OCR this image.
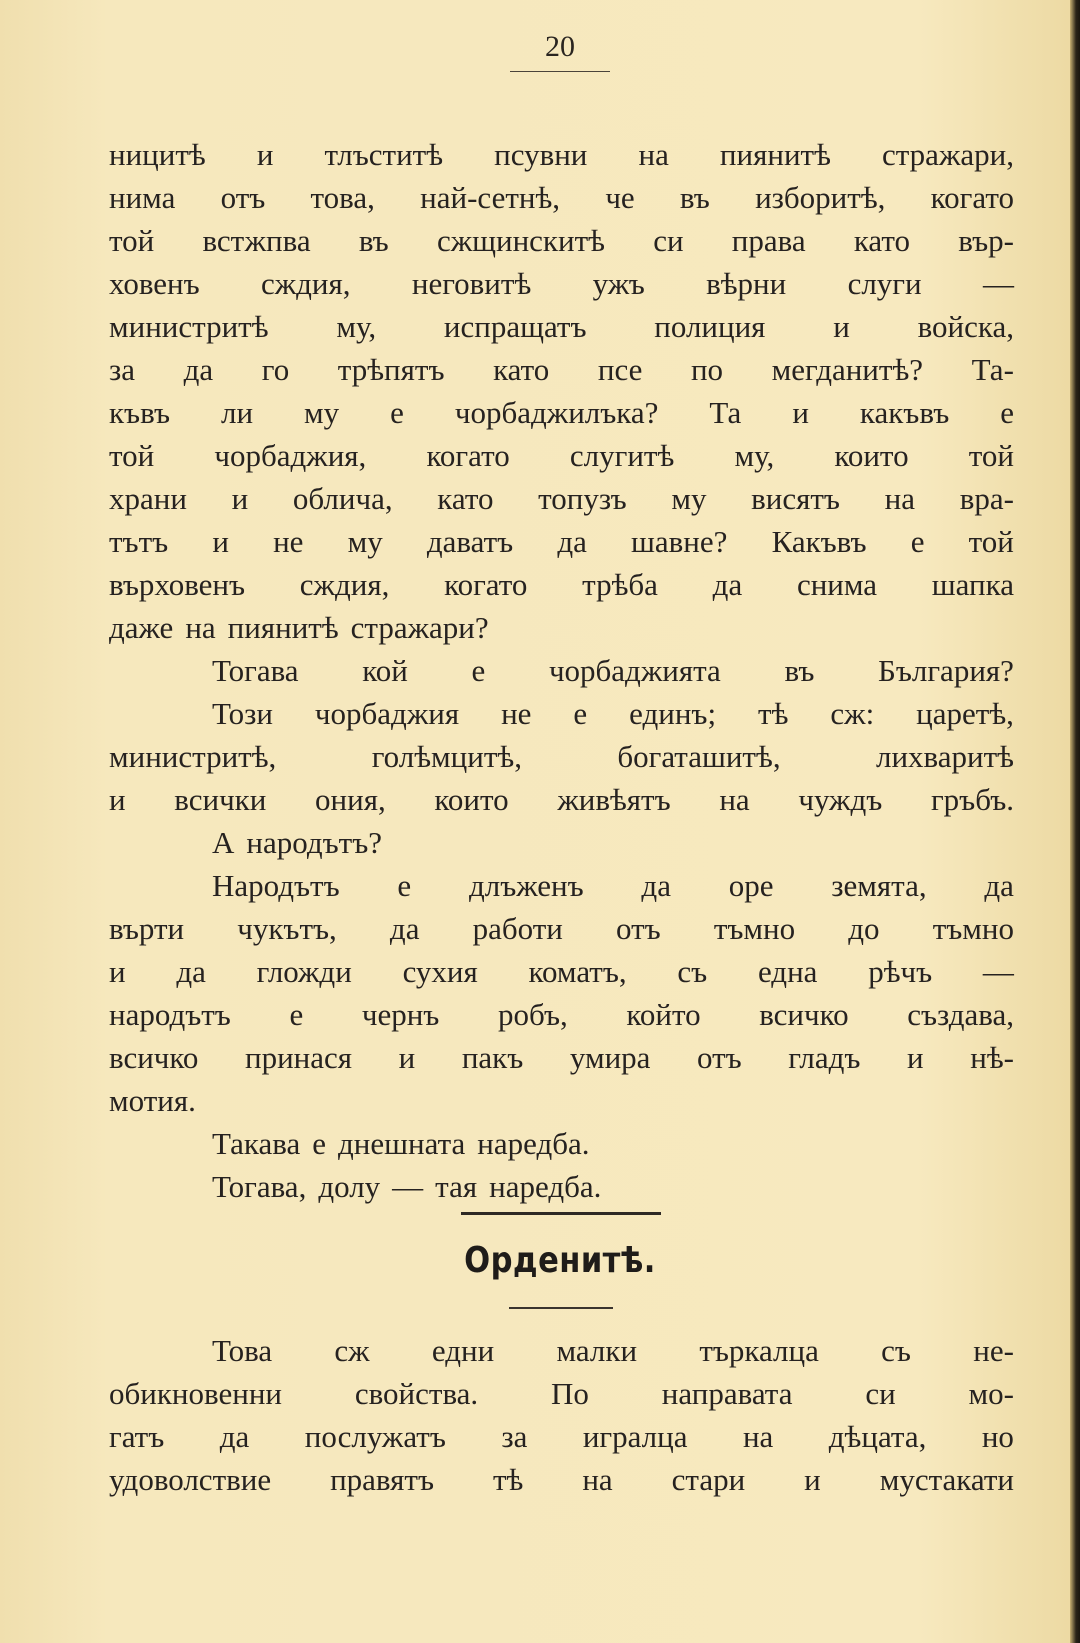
20
ницитѣ и тлъститѣ псувни на пиянитѣ стражари,
нима отъ това, най-сетнѣ, че въ изборитѣ, когато
той встжпва въ сжщинскитѣ си права като вър-
ховенъ сждия, неговитѣ ужъ вѣрни слуги —
министритѣ му, испращатъ полиция и войска,
за да го трѣпятъ като псе по мегданитѣ? Та-
къвъ ли му е чорбаджилъка? Та и какъвъ е
той чорбаджия, когато слугитѣ му, които той
храни и облича, като топузъ му висятъ на вра-
тътъ и не му даватъ да шавне? Какъвъ е той
върховенъ сждия, когато трѣба да снима шапка
даже на пиянитѣ стражари?
Тогава кой е чорбаджията въ България?
Този чорбаджия не е единъ; тѣ сж: царетѣ,
министритѣ,	голѣмцитѣ,	богаташитѣ,	лихваритѣ
и всички ония, които живѣятъ на чуждъ гръбъ.
А народътъ?
Народътъ е длъженъ да оре земята, да
върти чукътъ, да работи отъ тъмно до тъмно
и да гложди сухия коматъ, съ една рѣчъ —
народътъ е чернъ робъ, който всичко създава,
всичко принася и пакъ умира отъ гладъ и нѣ-
мотия.
Такава е днешната наредба.
Тогава, долу — тая наредба.
Орденитѣ.
Това сж едни малки търкалца съ не-
обикновенни свойства. По направата си мо-
гатъ да послужатъ за игралца на дѣцата, но
удоволствие правятъ тѣ на стари и мустакати
